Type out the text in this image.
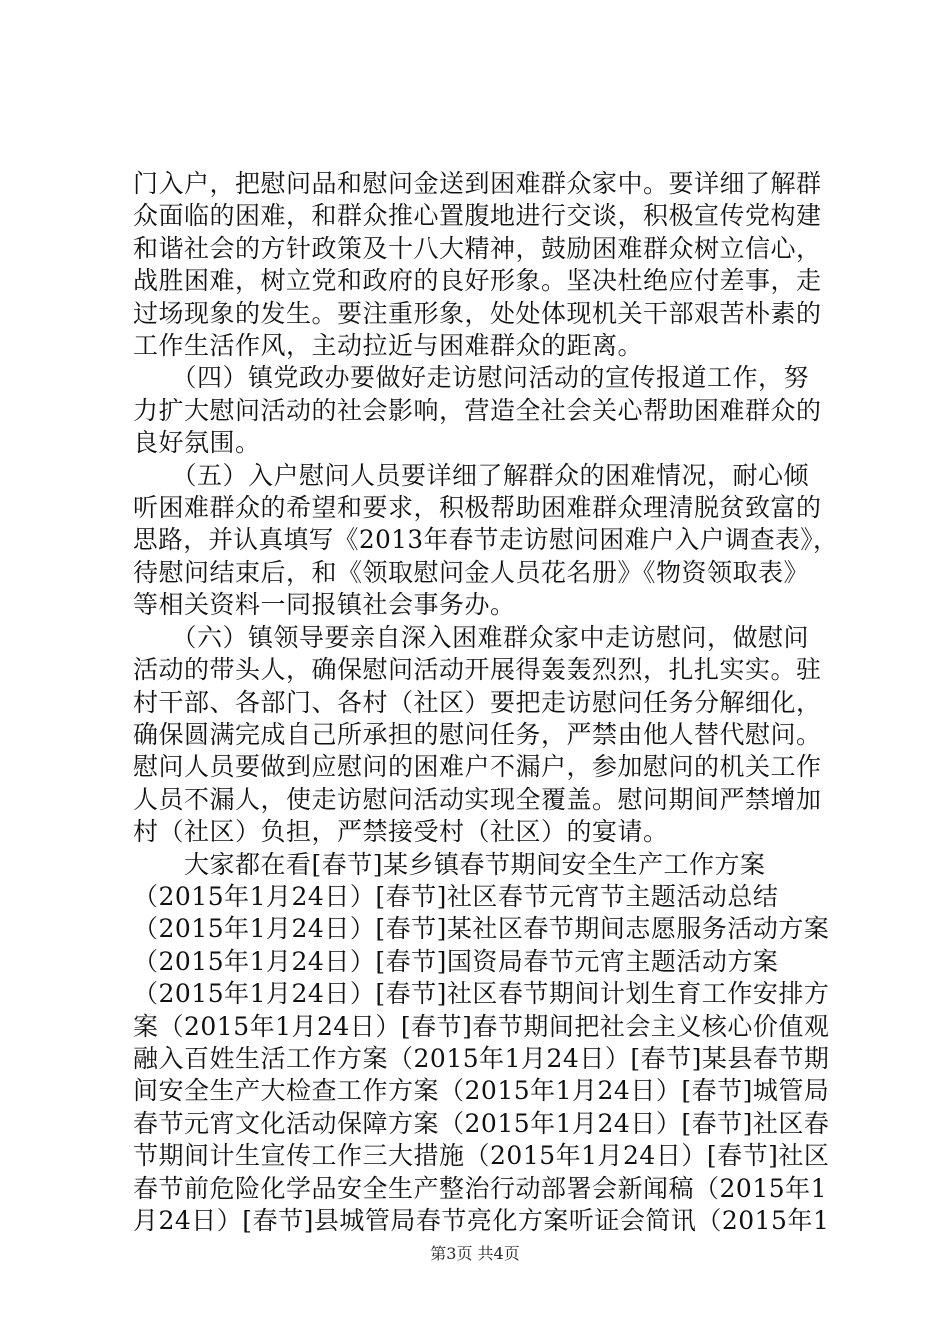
门入户，把慰问品和慰问金送到困难群众家中。要详细了解群
众面临的困难，和群众推心置腹地进行交谈，积极宣传党构建
和谐社会的方针政策及十八大精神，鼓励困难群众树立信心，
战胜困难，树立党和政府的良好形象。坚决杜绝应付差事，走
过场现象的发生。要注重形象，处处体现机关干部艰苦朴素的
工作生活作风，主动拉近与困难群众的距离。
　　（四）镇党政办要做好走访慰问活动的宣传报道工作，努
力扩大慰问活动的社会影响，营造全社会关心帮助困难群众的
良好氛围。
　　（五）入户慰问人员要详细了解群众的困难情况，耐心倾
听困难群众的希望和要求，积极帮助困难群众理清脱贫致富的
思路，并认真填写《2013年春节走访慰问困难户入户调查表》，
待慰问结束后，和《领取慰问金人员花名册》《物资领取表》
等相关资料一同报镇社会事务办。
　　（六）镇领导要亲自深入困难群众家中走访慰问，做慰问
活动的带头人，确保慰问活动开展得轰轰烈烈，扎扎实实。驻
村干部、各部门、各村（社区）要把走访慰问任务分解细化，
确保圆满完成自己所承担的慰问任务，严禁由他人替代慰问。
慰问人员要做到应慰问的困难户不漏户，参加慰问的机关工作
人员不漏人，使走访慰问活动实现全覆盖。慰问期间严禁增加
村（社区）负担，严禁接受村（社区）的宴请。
　　大家都在看[春节]某乡镇春节期间安全生产工作方案
（2015年1月24日）[春节]社区春节元宵节主题活动总结
（2015年1月24日）[春节]某社区春节期间志愿服务活动方案
（2015年1月24日）[春节]国资局春节元宵主题活动方案
（2015年1月24日）[春节]社区春节期间计划生育工作安排方
案（2015年1月24日）[春节]春节期间把社会主义核心价值观
融入百姓生活工作方案（2015年1月24日）[春节]某县春节期
间安全生产大检查工作方案（2015年1月24日）[春节]城管局
春节元宵文化活动保障方案（2015年1月24日）[春节]社区春
节期间计生宣传工作三大措施（2015年1月24日）[春节]社区
春节前危险化学品安全生产整治行动部署会新闻稿（2015年1
月24日）[春节]县城管局春节亮化方案听证会简讯（2015年1
第3页 共4页
